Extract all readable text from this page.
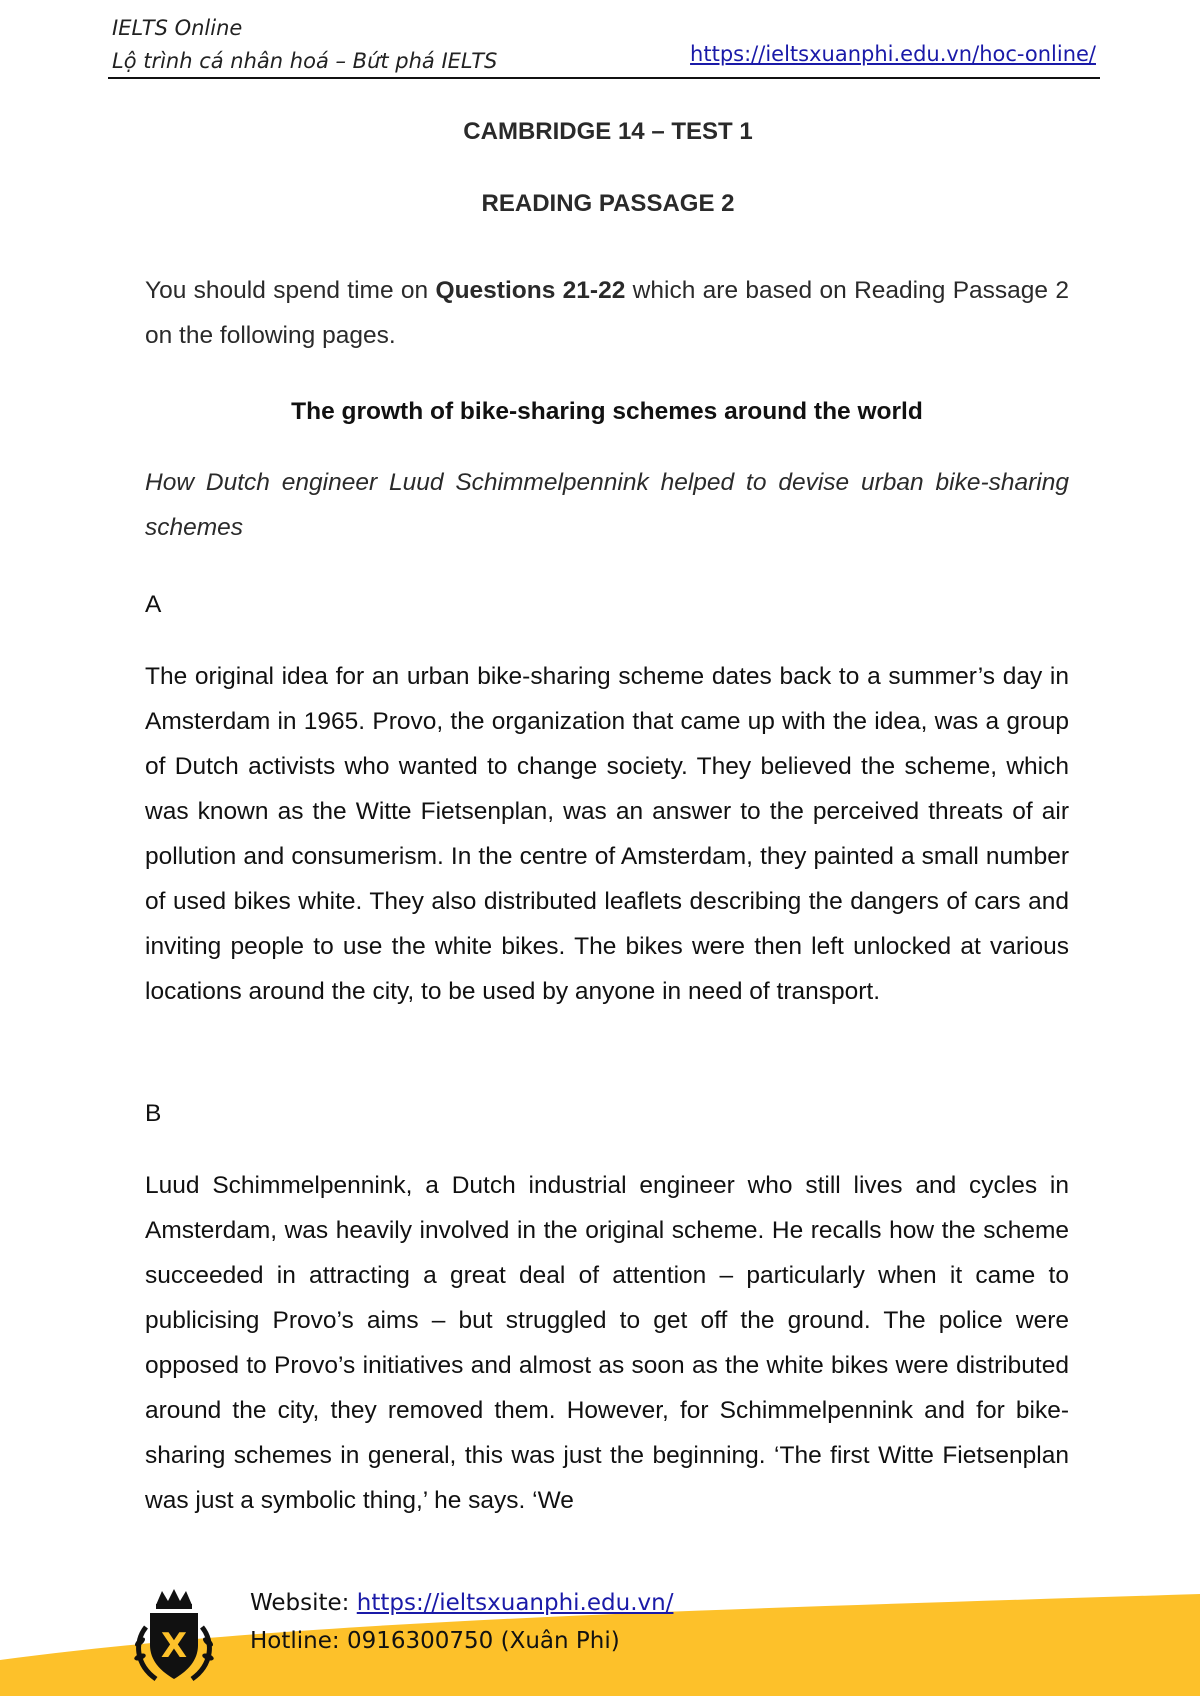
IELTS Online
Lộ trình cá nhân hoá – Bứt phá IELTS	https://ieltsxuanphi.edu.vn/hoc-online/
CAMBRIDGE 14 – TEST 1
READING PASSAGE 2
You should spend time on Questions 21-22 which are based on Reading Passage 2 on the following pages.
The growth of bike-sharing schemes around the world
How Dutch engineer Luud Schimmelpennink helped to devise urban bike-sharing schemes
A
The original idea for an urban bike-sharing scheme dates back to a summer’s day in Amsterdam in 1965. Provo, the organization that came up with the idea, was a group of Dutch activists who wanted to change society. They believed the scheme, which was known as the Witte Fietsenplan, was an answer to the perceived threats of air pollution and consumerism. In the centre of Amsterdam, they painted a small number of used bikes white. They also distributed leaflets describing the dangers of cars and inviting people to use the white bikes. The bikes were then left unlocked at various locations around the city, to be used by anyone in need of transport.
B
Luud Schimmelpennink, a Dutch industrial engineer who still lives and cycles in Amsterdam, was heavily involved in the original scheme. He recalls how the scheme succeeded in attracting a great deal of attention – particularly when it came to publicising Provo’s aims – but struggled to get off the ground. The police were opposed to Provo’s initiatives and almost as soon as the white bikes were distributed around the city, they removed them. However, for Schimmelpennink and for bike-sharing schemes in general, this was just the beginning. ‘The first Witte Fietsenplan was just a symbolic thing,’ he says. ‘We
X
Website: https://ieltsxuanphi.edu.vn/
Hotline: 0916300750 (Xuân Phi)
